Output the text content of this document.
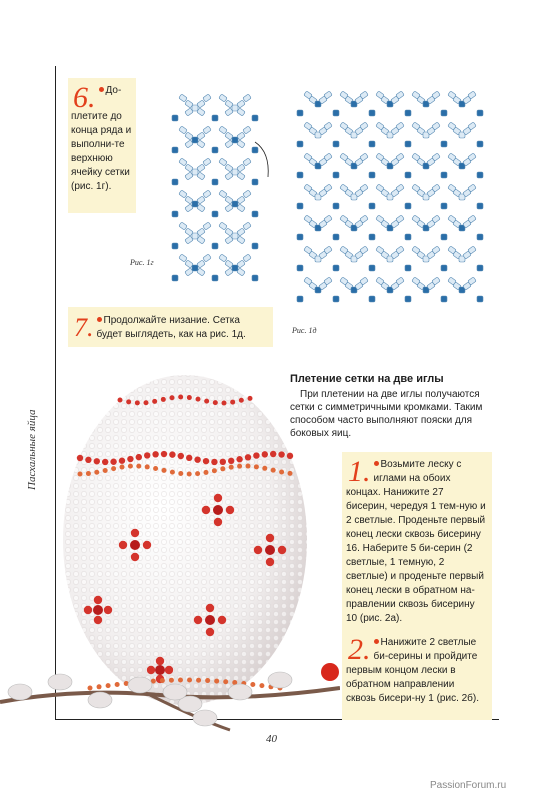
Пасхальные яйца
6. До-плетите до конца ряда и выполни-те верхнюю ячейку сетки (рис. 1г).
Рис. 1г
Рис. 1д
7. Продолжайте низание. Сетка будет выглядеть, как на рис. 1д.
Плетение сетки на две иглы
При плетении на две иглы получаются сетки с симметричными кромками. Таким способом часто выполняют пояски для боковых яиц.
1. Возьмите леску с иглами на обоих концах. Нанижите 27 бисерин, чередуя 1 тем-ную и 2 светлые. Проденьте первый конец лески сквозь бисерину 16. Наберите 5 би-серин (2 светлые, 1 темную, 2 светлые) и проденьте первый конец лески в обратном на-правлении сквозь бисерину 10 (рис. 2а).
2. Нанижите 2 светлые би-серины и пройдите первым концом лески в обратном направлении сквозь бисери-ну 1 (рис. 2б).
40
PassionForum.ru
